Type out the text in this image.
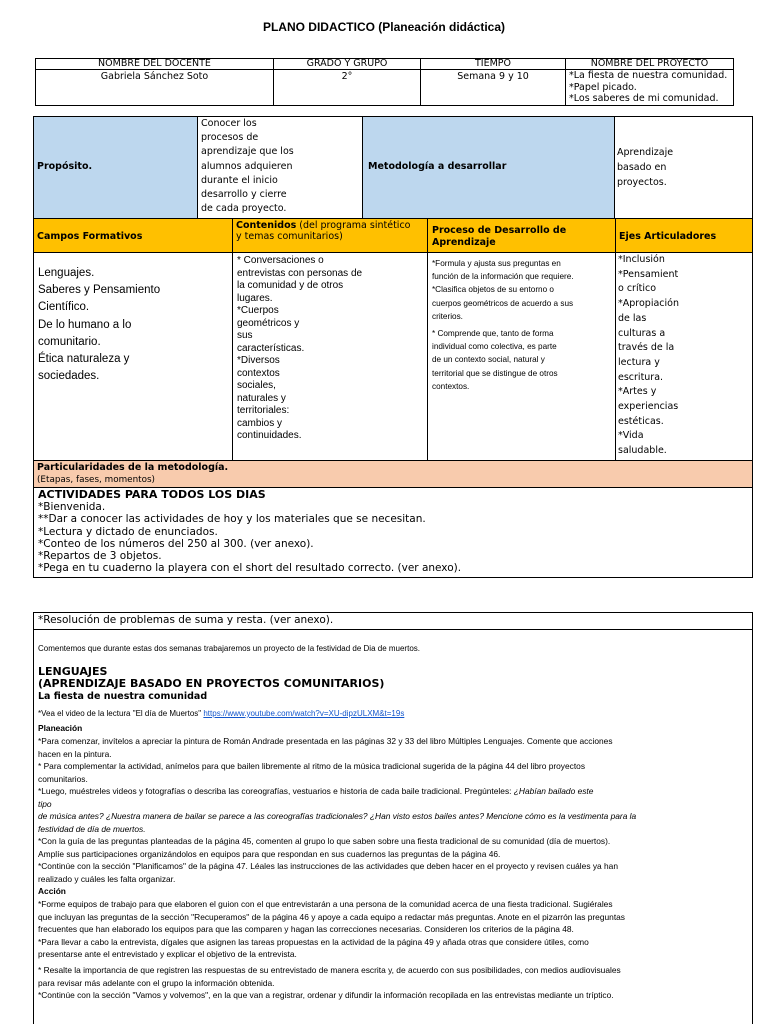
PLANO DIDACTICO (Planeación didáctica)
NOMBRE DEL DOCENTE
Gabriela Sánchez Soto
GRADO Y GRUPO
2°
TIEMPO
Semana 9 y 10
NOMBRE DEL PROYECTO
*La fiesta de nuestra comunidad.
*Papel picado.
*Los saberes de mi comunidad.
Propósito.
Conocer los
procesos de
aprendizaje que los
alumnos adquieren
durante el inicio
desarrollo y cierre
de cada proyecto.
Metodología a desarrollar
Aprendizaje
basado en
proyectos.
Campos Formativos
Contenidos (del programa sintético
y temas comunitarios)
Proceso de Desarrollo de
Aprendizaje	Ejes Articuladores
Lenguajes.
Saberes y Pensamiento
Científico.
De lo humano a lo
comunitario.
Ética naturaleza y
sociedades.
* Conversaciones o
entrevistas con personas de
la comunidad y de otros
lugares.
*Cuerpos
geométricos y
sus
características.
*Diversos
contextos
sociales,
naturales y
territoriales:
cambios y
continuidades.
*Formula y ajusta sus preguntas en
función de la información que requiere.
*Clasifica objetos de su entorno o
cuerpos geométricos de acuerdo a sus
criterios.
* Comprende que, tanto de forma
individual como colectiva, es parte
de un contexto social, natural y
territorial que se distingue de otros
contextos.
*Inclusión
*Pensamient
o crítico
*Apropiación
de las
culturas a
través de la
lectura y
escritura.
*Artes y
experiencias
estéticas.
*Vida
saludable.
Particularidades de la metodología.
(Etapas, fases, momentos)
ACTIVIDADES PARA TODOS LOS DIAS
*Bienvenida.
**Dar a conocer las actividades de hoy y los materiales que se necesitan.
*Lectura y dictado de enunciados.
*Conteo de los números del 250 al 300. (ver anexo).
*Repartos de 3 objetos.
*Pega en tu cuaderno la playera con el short del resultado correcto. (ver anexo).
*Resolución de problemas de suma y resta. (ver anexo).
Comentemos que durante estas dos semanas trabajaremos un proyecto de la festividad de Dia de muertos.
LENGUAJES
(APRENDIZAJE BASADO EN PROYECTOS COMUNITARIOS)
La fiesta de nuestra comunidad
*Vea el video de la lectura "El día de Muertos" https://www.youtube.com/watch?v=XU-dipzULXM&t=19s
Planeación
*Para comenzar, invítelos a apreciar la pintura de Román Andrade presentada en las páginas 32 y 33 del libro Múltiples Lenguajes. Comente que acciones
hacen en la pintura.
* Para complementar la actividad, anímelos para que bailen libremente al ritmo de la música tradicional sugerida de la página 44 del libro proyectos
comunitarios.
*Luego, muéstreles videos y fotografías o describa las coreografías, vestuarios e historia de cada baile tradicional. Pregúnteles: ¿Habían bailado este
tipo
de música antes? ¿Nuestra manera de bailar se parece a las coreografías tradicionales? ¿Han visto estos bailes antes? Mencione cómo es la vestimenta para la
festividad de día de muertos.
*Con la guía de las preguntas planteadas de la página 45, comenten al grupo lo que saben sobre una fiesta tradicional de su comunidad (día de muertos).
Amplíe sus participaciones organizándolos en equipos para que respondan en sus cuadernos las preguntas de la página 46.
*Continúe con la sección "Planificamos" de la página 47. Léales las instrucciones de las actividades que deben hacer en el proyecto y revisen cuáles ya han
realizado y cuáles les falta organizar.
Acción
*Forme equipos de trabajo para que elaboren el guion con el que entrevistarán a una persona de la comunidad acerca de una fiesta tradicional. Sugiérales
que incluyan las preguntas de la sección "Recuperamos" de la página 46 y apoye a cada equipo a redactar más preguntas. Anote en el pizarrón las preguntas
frecuentes que han elaborado los equipos para que las comparen y hagan las correcciones necesarias. Consideren los criterios de la página 48.
*Para llevar a cabo la entrevista, dígales que asignen las tareas propuestas en la actividad de la página 49 y añada otras que considere útiles, como
presentarse ante el entrevistado y explicar el objetivo de la entrevista.
* Resalte la importancia de que registren las respuestas de su entrevistado de manera escrita y, de acuerdo con sus posibilidades, con medios audiovisuales
para revisar más adelante con el grupo la información obtenida.
*Continúe con la sección "Vamos y volvemos", en la que van a registrar, ordenar y difundir la información recopilada en las entrevistas mediante un tríptico.
